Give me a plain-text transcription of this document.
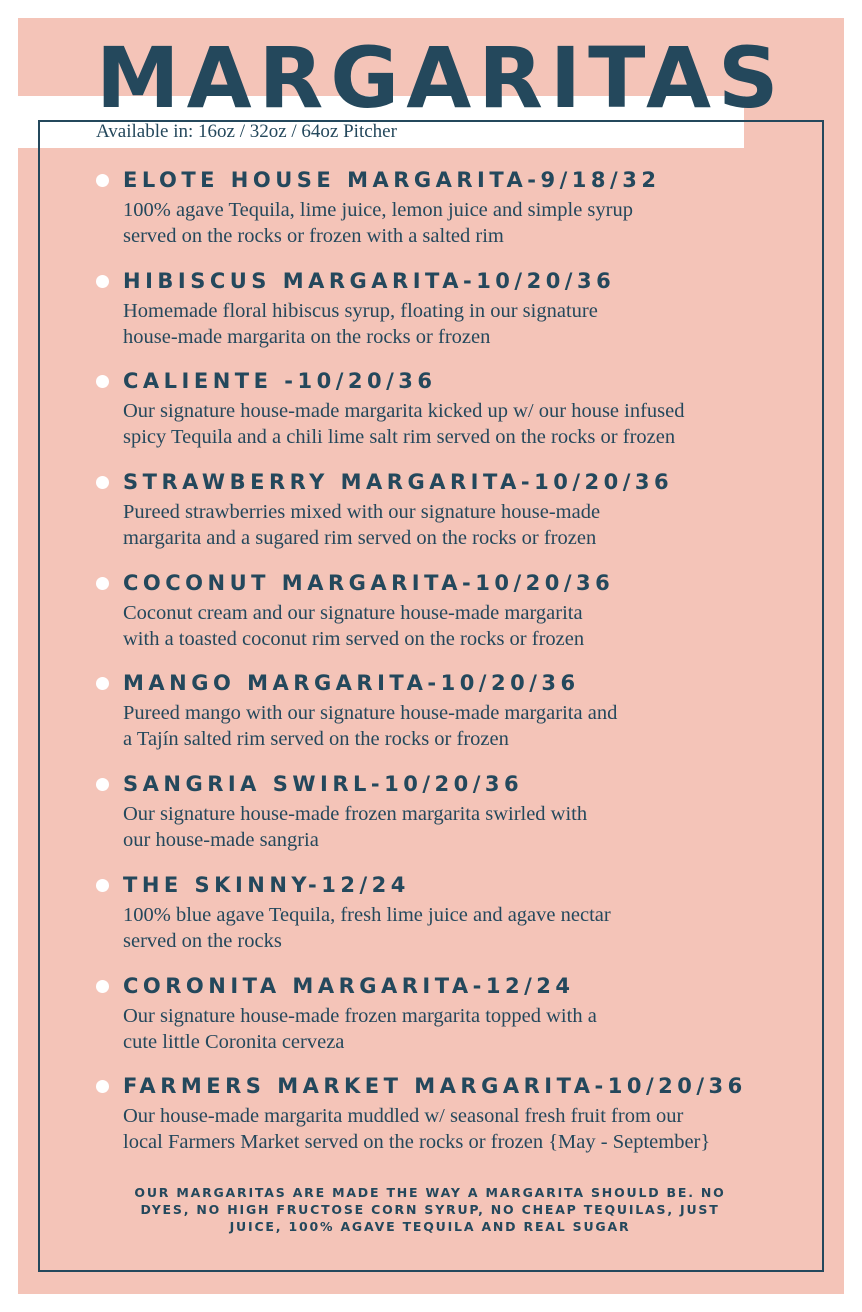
MARGARITAS
Available in: 16oz / 32oz / 64oz Pitcher
ELOTE HOUSE MARGARITA-9/18/32
100% agave Tequila, lime juice, lemon juice and simple syrup
served on the rocks or frozen with a salted rim
HIBISCUS MARGARITA-10/20/36
Homemade floral hibiscus syrup, floating in our signature
house-made margarita on the rocks or frozen
CALIENTE -10/20/36
Our signature house-made margarita kicked up w/ our house infused
spicy Tequila and a chili lime salt rim served on the rocks or frozen
STRAWBERRY MARGARITA-10/20/36
Pureed strawberries mixed with our signature house-made
margarita and a sugared rim served on the rocks or frozen
COCONUT MARGARITA-10/20/36
Coconut cream and our signature house-made margarita
with a toasted coconut rim served on the rocks or frozen
MANGO MARGARITA-10/20/36
Pureed mango with our signature house-made margarita and
a Tajín salted rim served on the rocks or frozen
SANGRIA SWIRL-10/20/36
Our signature house-made frozen margarita swirled with
our house-made sangria
THE SKINNY-12/24
100% blue agave Tequila, fresh lime juice and agave nectar
served on the rocks
CORONITA MARGARITA-12/24
Our signature house-made frozen margarita topped with a
cute little Coronita cerveza
FARMERS MARKET MARGARITA-10/20/36
Our house-made margarita muddled w/ seasonal fresh fruit from our
local Farmers Market served on the rocks or frozen {May - September}
OUR MARGARITAS ARE MADE THE WAY A MARGARITA SHOULD BE. NO
DYES, NO HIGH FRUCTOSE CORN SYRUP, NO CHEAP TEQUILAS, JUST
JUICE, 100% AGAVE TEQUILA AND REAL SUGAR
